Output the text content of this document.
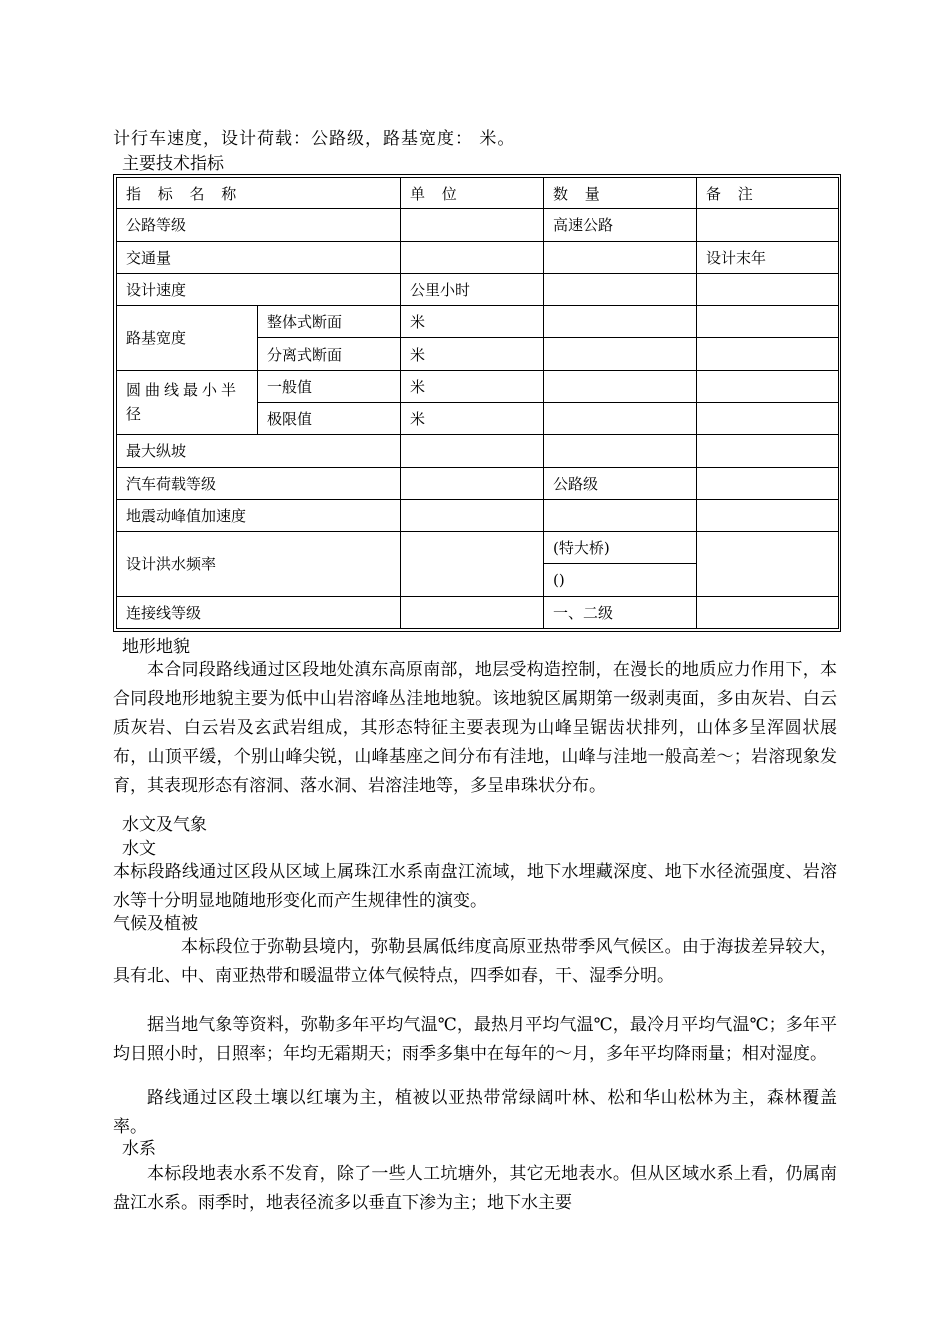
计行车速度，设计荷载：公路级，路基宽度： 米。
主要技术指标
指 标 名 称		单 位	数 量	备 注
公路等级			高速公路	
交通量				设计末年
设计速度		公里小时		
路基宽度	整体式断面	米		
	分离式断面	米		
圆曲线最小半径	一般值	米		
	极限值	米		
最大纵坡				
汽车荷载等级			公路级	
地震动峰值加速度				
设计洪水频率			(特大桥)	
			()	
连接线等级			一、二级	
地形地貌
本合同段路线通过区段地处滇东高原南部，地层受构造控制，在漫长的地质应力作用下，本合同段地形地貌主要为低中山岩溶峰丛洼地地貌。该地貌区属期第一级剥夷面，多由灰岩、白云质灰岩、白云岩及玄武岩组成，其形态特征主要表现为山峰呈锯齿状排列，山体多呈浑圆状展布，山顶平缓，个别山峰尖锐，山峰基座之间分布有洼地，山峰与洼地一般高差～；岩溶现象发育，其表现形态有溶洞、落水洞、岩溶洼地等，多呈串珠状分布。
水文及气象
水文
本标段路线通过区段从区域上属珠江水系南盘江流域，地下水埋藏深度、地下水径流强度、岩溶水等十分明显地随地形变化而产生规律性的演变。
气候及植被
本标段位于弥勒县境内，弥勒县属低纬度高原亚热带季风气候区。由于海拔差异较大，具有北、中、南亚热带和暖温带立体气候特点，四季如春，干、湿季分明。
据当地气象等资料，弥勒多年平均气温℃，最热月平均气温℃，最冷月平均气温℃；多年平均日照小时，日照率；年均无霜期天；雨季多集中在每年的～月，多年平均降雨量；相对湿度。
路线通过区段土壤以红壤为主，植被以亚热带常绿阔叶林、松和华山松林为主，森林覆盖率。
水系
本标段地表水系不发育，除了一些人工坑塘外，其它无地表水。但从区域水系上看，仍属南盘江水系。雨季时，地表径流多以垂直下渗为主；地下水主要
